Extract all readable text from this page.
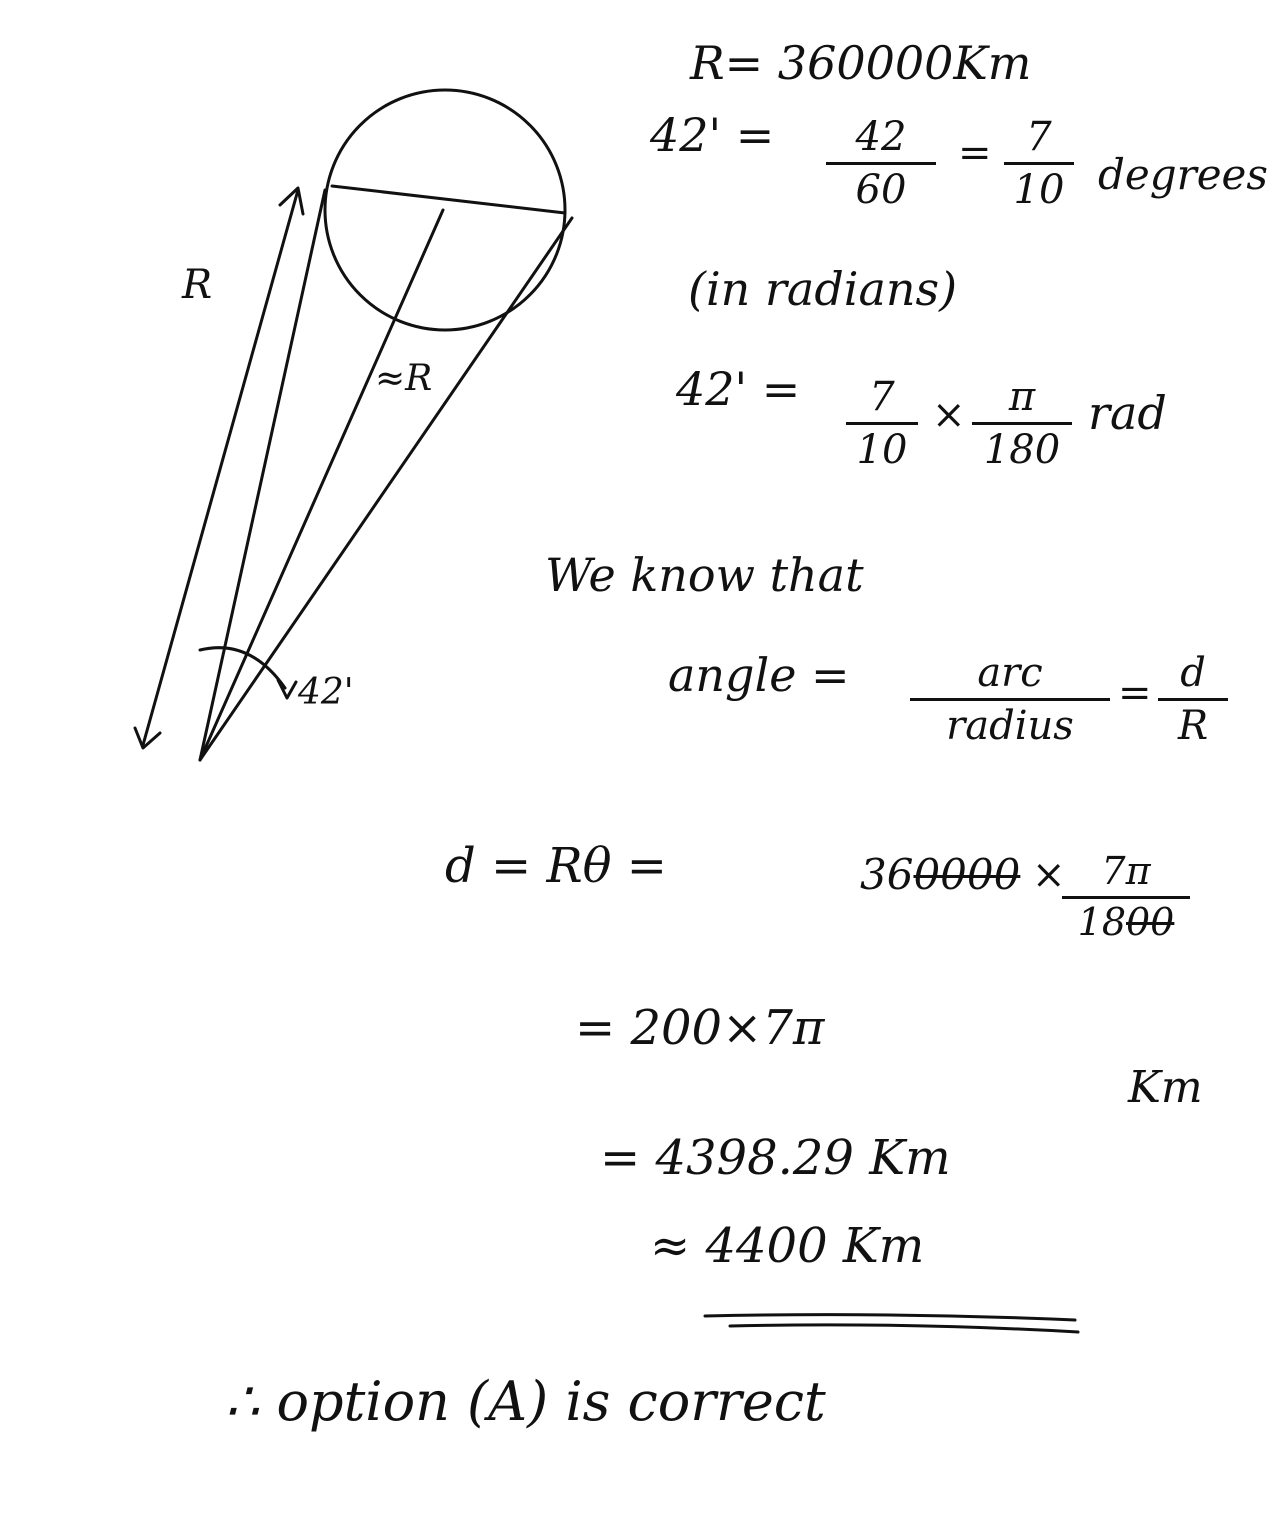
R
≈R
42'
R= 360000Km
42' =	42
60
= 7
10 degrees
(in radians)
42' =	7
10
×	π
180
rad
We know that
angle =	arc
radius
= d
R
d = Rθ =	360000 × 7π
1800
= 200×7π
Km
= 4398.29 Km
≈ 4400 Km
∴ option (A) is correct
